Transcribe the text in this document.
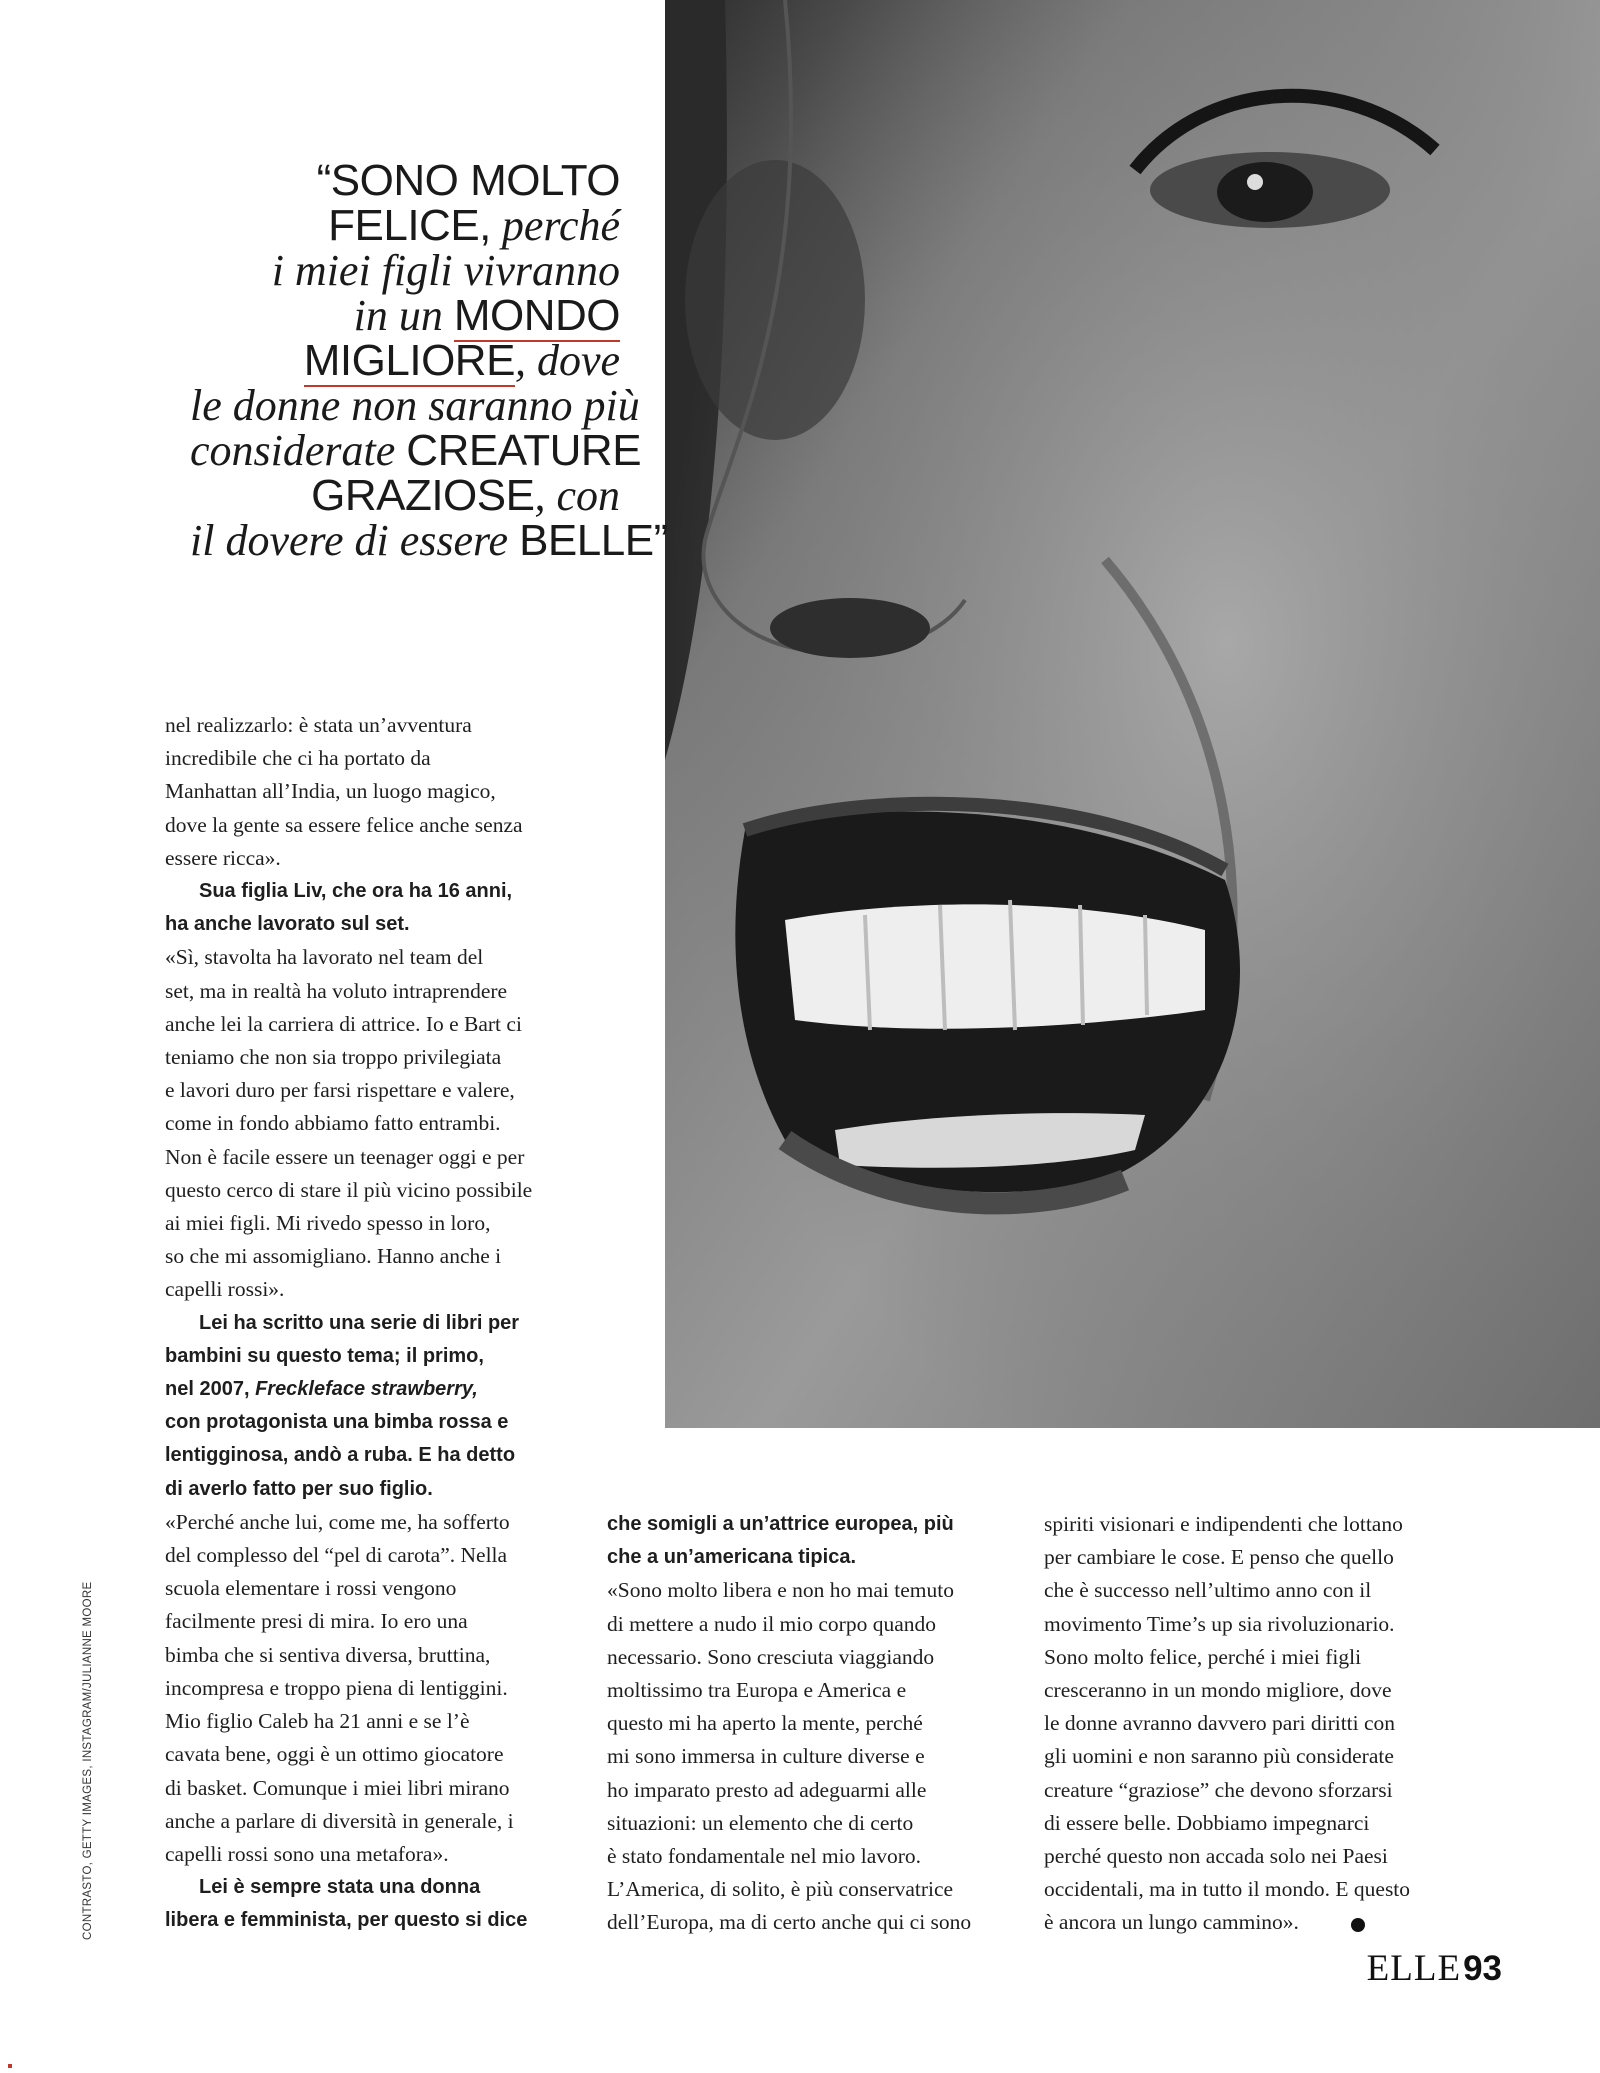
“SONO MOLTO
FELICE, perché
i miei figli vivranno
in un MONDO
MIGLIORE, dove
le donne non saranno più
considerate CREATURE
GRAZIOSE, con
il dovere di essere BELLE”
nel realizzarlo: è stata un’avventura
incredibile che ci ha portato da
Manhattan all’India, un luogo magico,
dove la gente sa essere felice anche senza
essere ricca».
Sua figlia Liv, che ora ha 16 anni,
ha anche lavorato sul set.
«Sì, stavolta ha lavorato nel team del
set, ma in realtà ha voluto intraprendere
anche lei la carriera di attrice. Io e Bart ci
teniamo che non sia troppo privilegiata
e lavori duro per farsi rispettare e valere,
come in fondo abbiamo fatto entrambi.
Non è facile essere un teenager oggi e per
questo cerco di stare il più vicino possibile
ai miei figli. Mi rivedo spesso in loro,
so che mi assomigliano. Hanno anche i
capelli rossi».
Lei ha scritto una serie di libri per
bambini su questo tema; il primo,
nel 2007, Freckleface strawberry,
con protagonista una bimba rossa e
lentigginosa, andò a ruba. E ha detto
di averlo fatto per suo figlio.
«Perché anche lui, come me, ha sofferto
del complesso del “pel di carota”. Nella
scuola elementare i rossi vengono
facilmente presi di mira. Io ero una
bimba che si sentiva diversa, bruttina,
incompresa e troppo piena di lentiggini.
Mio figlio Caleb ha 21 anni e se l’è
cavata bene, oggi è un ottimo giocatore
di basket. Comunque i miei libri mirano
anche a parlare di diversità in generale, i
capelli rossi sono una metafora».
Lei è sempre stata una donna
libera e femminista, per questo si dice
che somigli a un’attrice europea, più
che a un’americana tipica.
«Sono molto libera e non ho mai temuto
di mettere a nudo il mio corpo quando
necessario. Sono cresciuta viaggiando
moltissimo tra Europa e America e
questo mi ha aperto la mente, perché
mi sono immersa in culture diverse e
ho imparato presto ad adeguarmi alle
situazioni: un elemento che di certo
è stato fondamentale nel mio lavoro.
L’America, di solito, è più conservatrice
dell’Europa, ma di certo anche qui ci sono
spiriti visionari e indipendenti che lottano
per cambiare le cose. E penso che quello
che è successo nell’ultimo anno con il
movimento Time’s up sia rivoluzionario.
Sono molto felice, perché i miei figli
cresceranno in un mondo migliore, dove
le donne avranno davvero pari diritti con
gli uomini e non saranno più considerate
creature “graziose” che devono sforzarsi
di essere belle. Dobbiamo impegnarci
perché questo non accada solo nei Paesi
occidentali, ma in tutto il mondo. E questo
è ancora un lungo cammino».
CONTRASTO, GETTY IMAGES, INSTAGRAM/JULIANNE MOORE
ELLE 93
